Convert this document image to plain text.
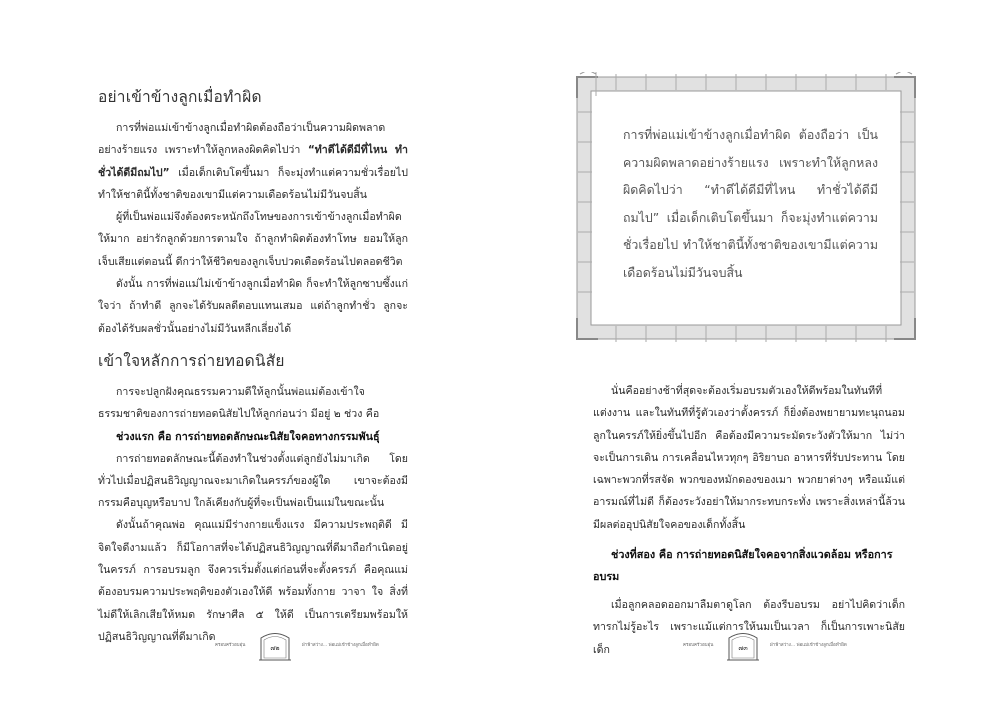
อย่าเข้าข้างลูกเมื่อทำผิด

การที่พ่อแม่เข้าข้างลูกเมื่อทำผิดต้องถือว่าเป็นความผิดพลาดอย่างร้ายแรง เพราะทำให้ลูกหลงผิดคิดไปว่า “ทำดีได้ดีมีที่ไหน ทำชั่วได้ดีมีถมไป” เมื่อเด็กเติบโตขึ้นมา ก็จะมุ่งทำแต่ความชั่วเรื่อยไป ทำให้ชาตินี้ทั้งชาติของเขามีแต่ความเดือดร้อนไม่มีวันจบสิ้น

ผู้ที่เป็นพ่อแม่จึงต้องตระหนักถึงโทษของการเข้าข้างลูกเมื่อทำผิดให้มาก อย่ารักลูกด้วยการตามใจ ถ้าลูกทำผิดต้องทำโทษ ยอมให้ลูกเจ็บเสียแต่ตอนนี้ ดีกว่าให้ชีวิตของลูกเจ็บปวดเดือดร้อนไปตลอดชีวิต

ดังนั้น การที่พ่อแม่ไม่เข้าข้างลูกเมื่อทำผิด ก็จะทำให้ลูกซาบซึ้งแก่ใจว่า ถ้าทำดี ลูกจะได้รับผลดีตอบแทนเสมอ แต่ถ้าลูกทำชั่ว ลูกจะต้องได้รับผลชั่วนั้นอย่างไม่มีวันหลีกเลี่ยงได้

เข้าใจหลักการถ่ายทอดนิสัย

การจะปลูกฝังคุณธรรมความดีให้ลูกนั้นพ่อแม่ต้องเข้าใจธรรมชาติของการถ่ายทอดนิสัยไปให้ลูกก่อนว่า มีอยู่ ๒ ช่วง คือ

ช่วงแรก คือ การถ่ายทอดลักษณะนิสัยใจคอทางกรรมพันธุ์

การถ่ายทอดลักษณะนี้ต้องทำในช่วงตั้งแต่ลูกยังไม่มาเกิด โดยทั่วไปเมื่อปฏิสนธิวิญญาณจะมาเกิดในครรภ์ของผู้ใด เขาจะต้องมีกรรมคือบุญหรือบาป ใกล้เคียงกับผู้ที่จะเป็นพ่อเป็นแม่ในขณะนั้น

ดังนั้นถ้าคุณพ่อ คุณแม่มีร่างกายแข็งแรง มีความประพฤติดี มีจิตใจดีงามแล้ว ก็มีโอกาสที่จะได้ปฏิสนธิวิญญาณที่ดีมาถือกำเนิดอยู่ในครรภ์ การอบรมลูก จึงควรเริ่มตั้งแต่ก่อนที่จะตั้งครรภ์ คือคุณแม่ต้องอบรมความประพฤติของตัวเองให้ดี พร้อมทั้งกาย วาจา ใจ สิ่งที่ไม่ดีให้เลิกเสียให้หมด รักษาศีล ๕ ให้ดี เป็นการเตรียมพร้อมให้ปฏิสนธิวิญญาณที่ดีมาเกิด

ครอบครัวอบอุ่น	๗๒	ฝ่าฟ้าสว่าง... พ่อแม่เข้าข้างลูกเมื่อทำผิด

การที่พ่อแม่เข้าข้างลูกเมื่อทำผิด ต้องถือว่า เป็นความผิดพลาดอย่างร้ายแรง เพราะทำให้ลูกหลงผิดคิดไปว่า “ทำดีได้ดีมีที่ไหน ทำชั่วได้ดีมีถมไป” เมื่อเด็กเติบโตขึ้นมา ก็จะมุ่งทำแต่ความชั่วเรื่อยไป ทำให้ชาตินี้ทั้งชาติของเขามีแต่ความเดือดร้อนไม่มีวันจบสิ้น

นั่นคืออย่างช้าที่สุดจะต้องเริ่มอบรมตัวเองให้ดีพร้อมในทันทีที่แต่งงาน และในทันทีที่รู้ตัวเองว่าตั้งครรภ์ ก็ยิ่งต้องพยายามทะนุถนอมลูกในครรภ์ให้ยิ่งขึ้นไปอีก คือต้องมีความระมัดระวังตัวให้มาก ไม่ว่าจะเป็นการเดิน การเคลื่อนไหวทุกๆ อิริยาบถ อาหารที่รับประทาน โดยเฉพาะพวกที่รสจัด พวกของหมักดองของเมา พวกยาต่างๆ หรือแม้แต่อารมณ์ที่ไม่ดี ก็ต้องระวังอย่าให้มากระทบกระทั่ง เพราะสิ่งเหล่านี้ล้วนมีผลต่ออุปนิสัยใจคอของเด็กทั้งสิ้น

ช่วงที่สอง คือ การถ่ายทอดนิสัยใจคอจากสิ่งแวดล้อม หรือการอบรม

เมื่อลูกคลอดออกมาลืมตาดูโลก ต้องรีบอบรม อย่าไปคิดว่าเด็กทารกไม่รู้อะไร เพราะแม้แต่การให้นมเป็นเวลา ก็เป็นการเพาะนิสัยเด็ก	ครอบครัวอบอุ่น	๗๓	ฝ่าฟ้าสว่าง... พ่อแม่เข้าข้างลูกเมื่อทำผิด
